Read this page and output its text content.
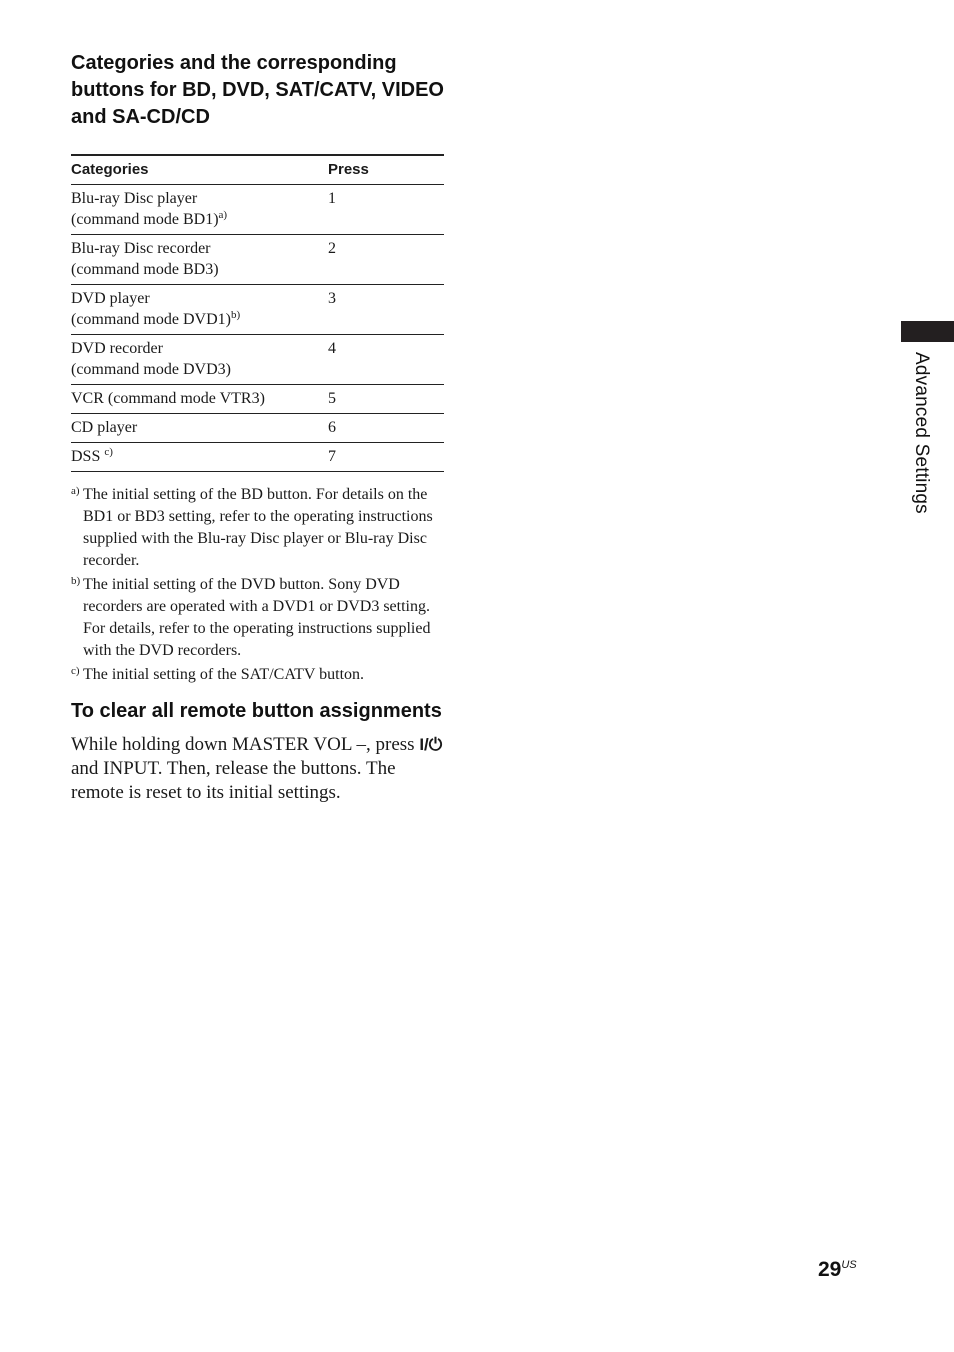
Categories and the corresponding buttons for BD, DVD, SAT/CATV, VIDEO and SA-CD/CD
Categories	Press
Blu-ray Disc player
(command mode BD1)$^{a)}$	1
Blu-ray Disc recorder
(command mode BD3)	2
DVD player
(command mode DVD1)$^{b)}$	3
DVD recorder
(command mode DVD3)	4
VCR (command mode VTR3)	5
CD player	6
DSS $^{c)}$	7
a) The initial setting of the BD button. For details on the BD1 or BD3 setting, refer to the operating instructions supplied with the Blu-ray Disc player or Blu-ray Disc recorder.
b) The initial setting of the DVD button. Sony DVD recorders are operated with a DVD1 or DVD3 setting. For details, refer to the operating instructions supplied with the DVD recorders.
c) The initial setting of the SAT/CATV button.
To clear all remote button assignments

While holding down MASTER VOL –, press I/⏻ and INPUT. Then, release the buttons. The remote is reset to its initial settings.

Advanced Settings
$29^{US}$
